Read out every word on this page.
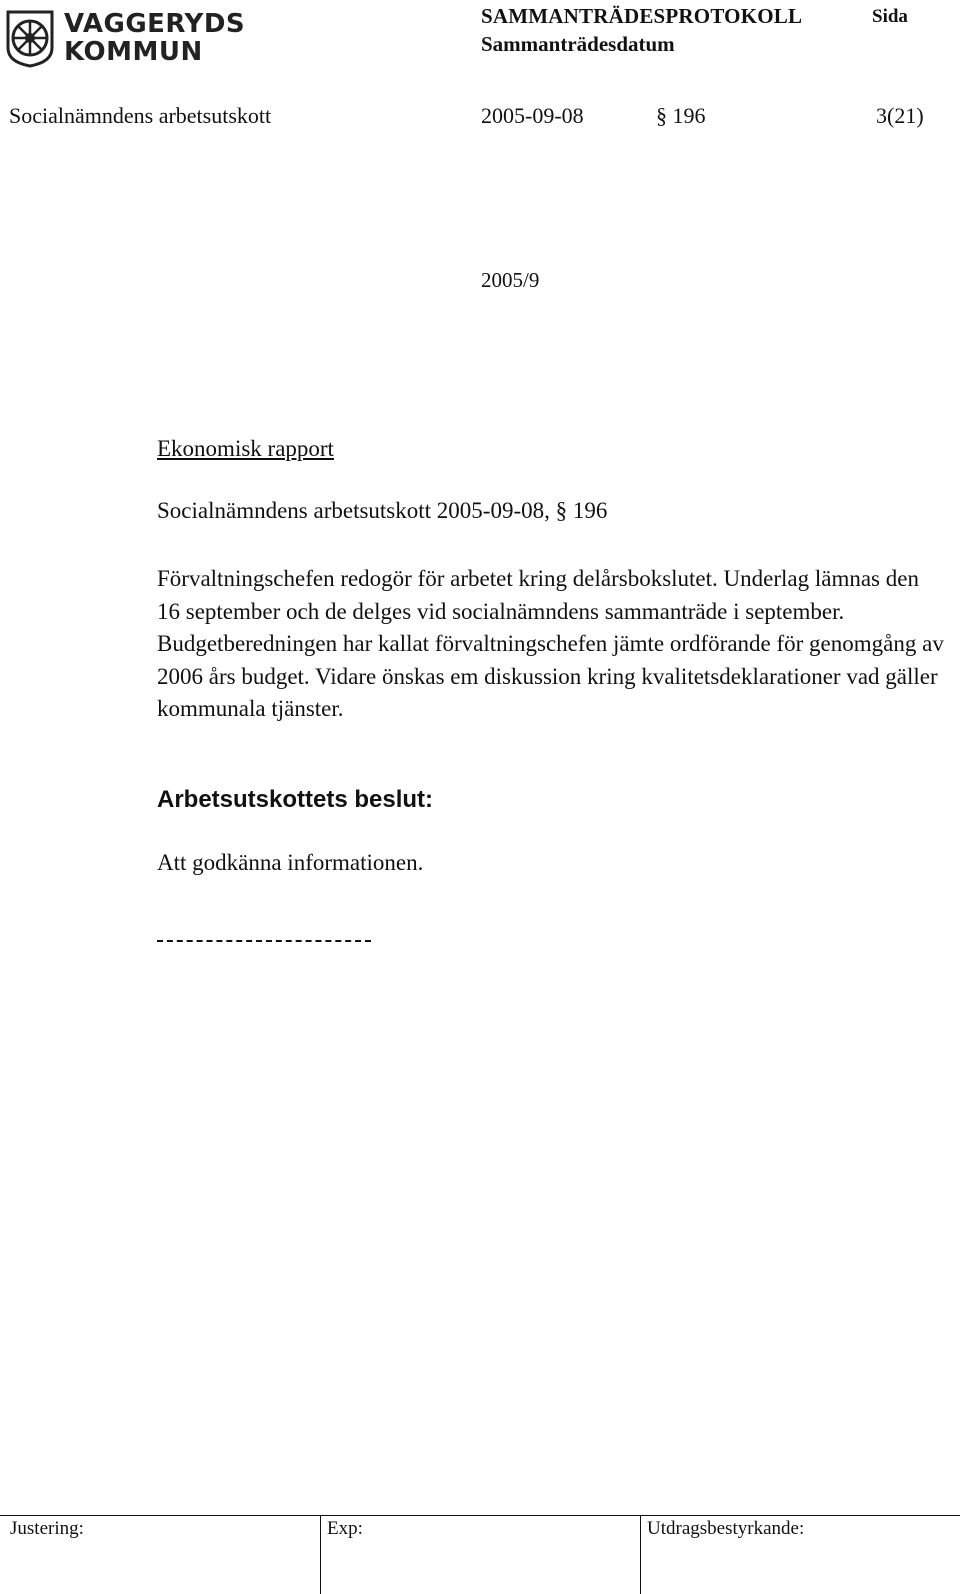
VAGGERYDS
KOMMUN
SAMMANTRÄDESPROTOKOLL	Sida
Sammanträdesdatum
Socialnämndens arbetsutskott	2005-09-08	§ 196	3(21)
2005/9
Ekonomisk rapport
Socialnämndens arbetsutskott 2005-09-08, § 196

Förvaltningschefen redogör för arbetet kring delårsbokslutet. Underlag lämnas den 16 september och de delges vid socialnämndens sammanträde i september.

Budgetberedningen har kallat förvaltningschefen jämte ordförande för genomgång av 2006 års budget. Vidare önskas em diskussion kring kvalitetsdeklarationer vad gäller kommunala tjänster.

Arbetsutskottets beslut:
Att godkänna informationen.
Justering:	Exp:	Utdragsbestyrkande:
